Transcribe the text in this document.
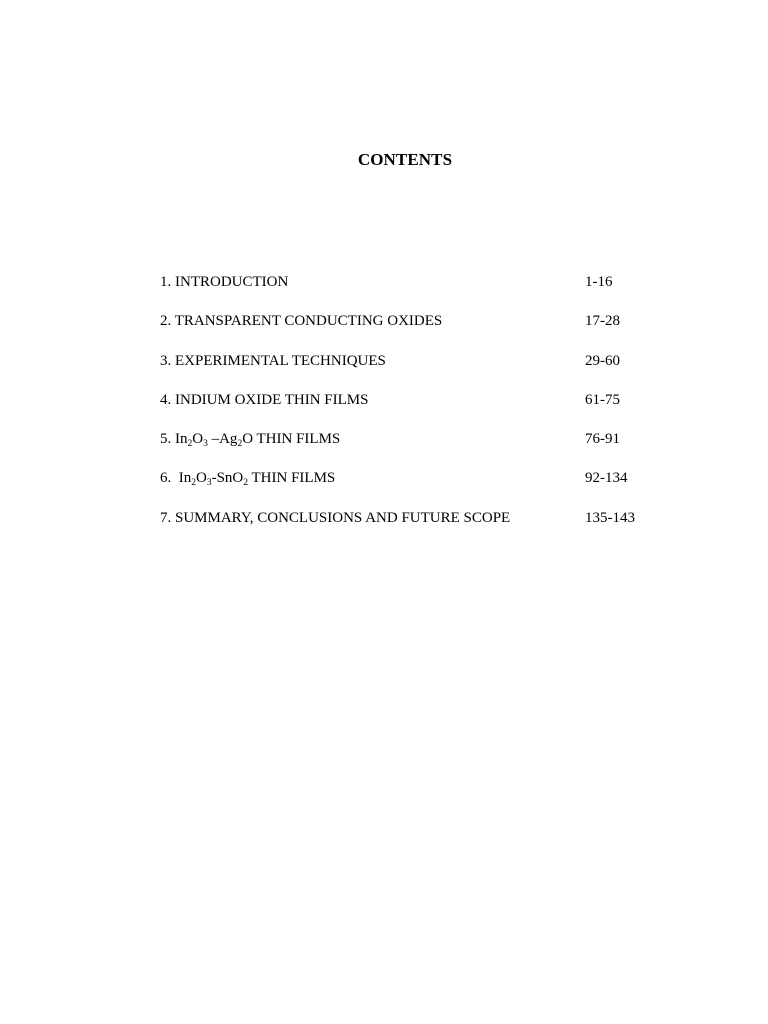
CONTENTS
1. INTRODUCTION	1-16
2. TRANSPARENT CONDUCTING OXIDES	17-28
3. EXPERIMENTAL TECHNIQUES	29-60
4. INDIUM OXIDE THIN FILMS	61-75
5. $In_2O_3$ $-Ag_2O$ THIN FILMS	76-91
6.  $In_2O_3-SnO_2$ THIN FILMS	92-134
7. SUMMARY, CONCLUSIONS AND FUTURE SCOPE	135-143
